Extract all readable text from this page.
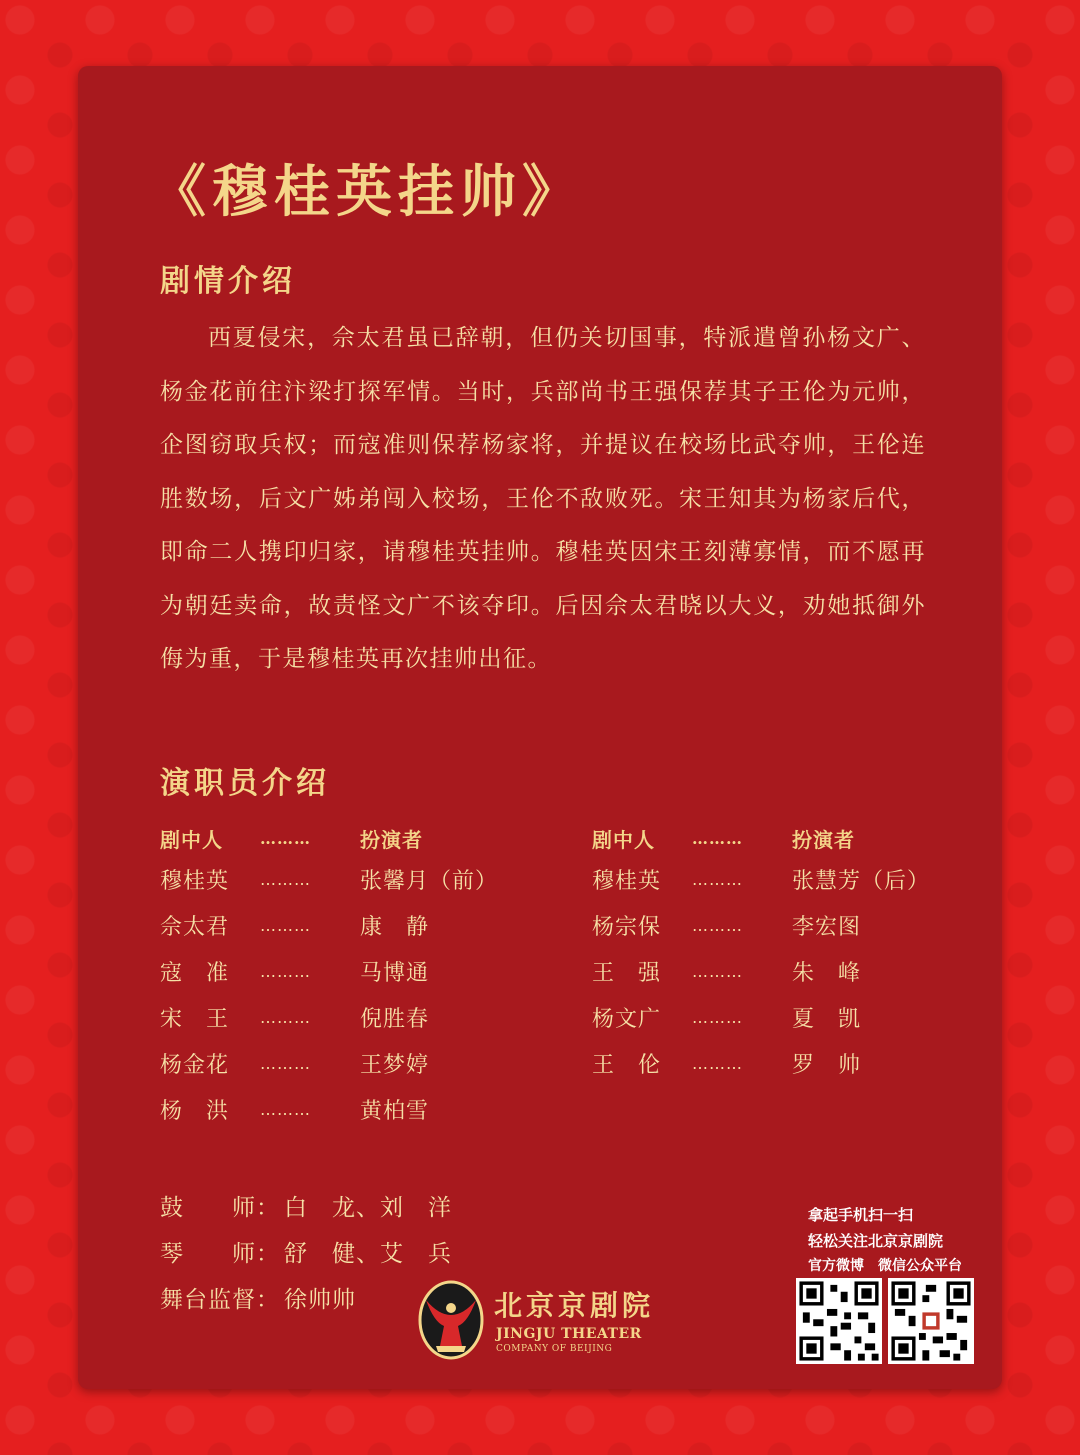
《穆桂英挂帅》
剧情介绍

西夏侵宋，佘太君虽已辞朝，但仍关切国事，特派遣曾孙杨文广、杨金花前往汴梁打探军情。当时，兵部尚书王强保荐其子王伦为元帅，企图窃取兵权；而寇准则保荐杨家将，并提议在校场比武夺帅，王伦连胜数场，后文广姊弟闯入校场，王伦不敌败死。宋王知其为杨家后代，即命二人携印归家，请穆桂英挂帅。穆桂英因宋王刻薄寡情，而不愿再为朝廷卖命，故责怪文广不该夺印。后因佘太君晓以大义，劝她抵御外侮为重，于是穆桂英再次挂帅出征。

演职员介绍
剧中人	………	扮演者
穆桂英	………	张馨月（前）
佘太君	………	康　静
寇　准	………	马博通
宋　王	………	倪胜春
杨金花	………	王梦婷
杨　洪	………	黄柏雪
剧中人	………	扮演者
穆桂英	………	张慧芳（后）
杨宗保	………	李宏图
王　强	………	朱　峰
杨文广	………	夏　凯
王　伦	………	罗　帅
鼓　　师： 白　龙、刘　洋
琴　　师： 舒　健、艾　兵
舞台监督： 徐帅帅	北京京剧院
JINGJU THEATER
COMPANY OF BEIJING
拿起手机扫一扫
轻松关注北京京剧院
官方微博 微信公众平台
